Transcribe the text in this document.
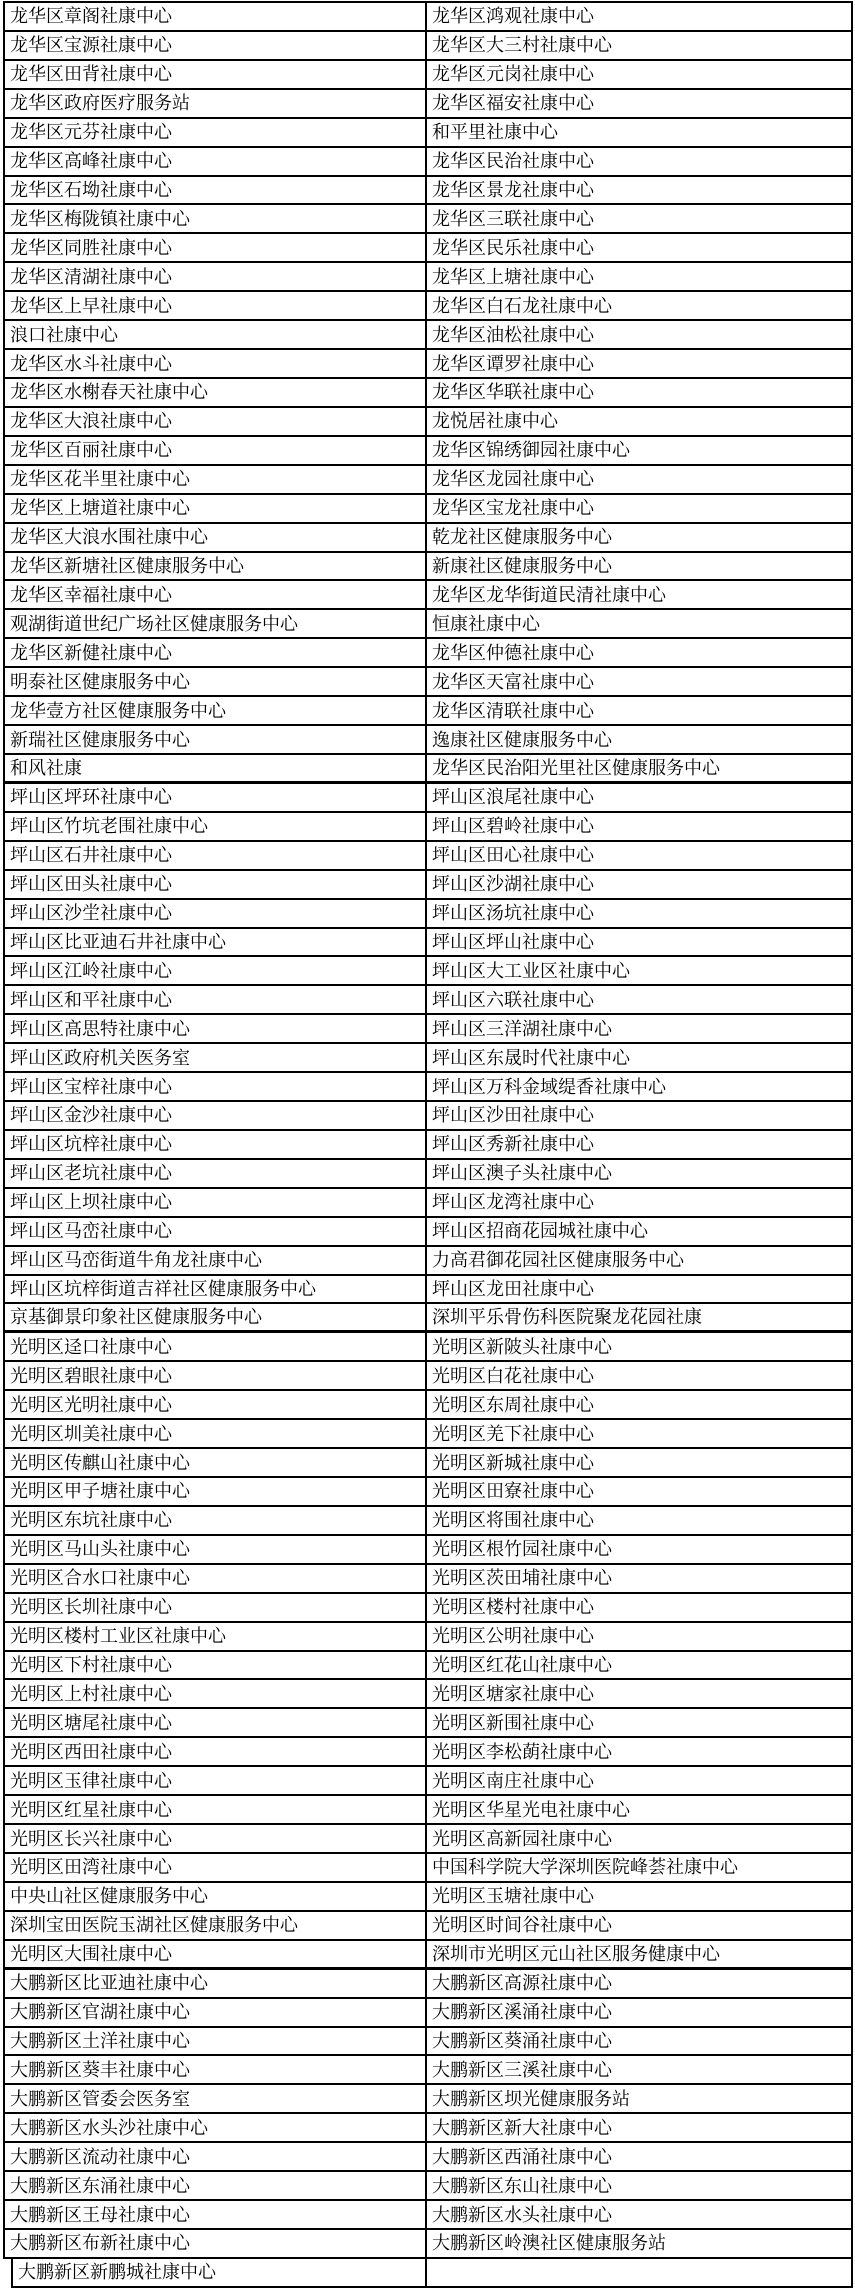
龙华区章阁社康中心	龙华区鸿观社康中心
龙华区宝源社康中心	龙华区大三村社康中心
龙华区田背社康中心	龙华区元岗社康中心
龙华区政府医疗服务站	龙华区福安社康中心
龙华区元芬社康中心	和平里社康中心
龙华区高峰社康中心	龙华区民治社康中心
龙华区石坳社康中心	龙华区景龙社康中心
龙华区梅陇镇社康中心	龙华区三联社康中心
龙华区同胜社康中心	龙华区民乐社康中心
龙华区清湖社康中心	龙华区上塘社康中心
龙华区上早社康中心	龙华区白石龙社康中心
浪口社康中心	龙华区油松社康中心
龙华区水斗社康中心	龙华区谭罗社康中心
龙华区水榭春天社康中心	龙华区华联社康中心
龙华区大浪社康中心	龙悦居社康中心
龙华区百丽社康中心	龙华区锦绣御园社康中心
龙华区花半里社康中心	龙华区龙园社康中心
龙华区上塘道社康中心	龙华区宝龙社康中心
龙华区大浪水围社康中心	乾龙社区健康服务中心
龙华区新塘社区健康服务中心	新康社区健康服务中心
龙华区幸福社康中心	龙华区龙华街道民清社康中心
观湖街道世纪广场社区健康服务中心	恒康社康中心
龙华区新健社康中心	龙华区仲德社康中心
明泰社区健康服务中心	龙华区天富社康中心
龙华壹方社区健康服务中心	龙华区清联社康中心
新瑞社区健康服务中心	逸康社区健康服务中心
和风社康	龙华区民治阳光里社区健康服务中心
坪山区坪环社康中心	坪山区浪尾社康中心
坪山区竹坑老围社康中心	坪山区碧岭社康中心
坪山区石井社康中心	坪山区田心社康中心
坪山区田头社康中心	坪山区沙湖社康中心
坪山区沙坣社康中心	坪山区汤坑社康中心
坪山区比亚迪石井社康中心	坪山区坪山社康中心
坪山区江岭社康中心	坪山区大工业区社康中心
坪山区和平社康中心	坪山区六联社康中心
坪山区高思特社康中心	坪山区三洋湖社康中心
坪山区政府机关医务室	坪山区东晟时代社康中心
坪山区宝梓社康中心	坪山区万科金域缇香社康中心
坪山区金沙社康中心	坪山区沙田社康中心
坪山区坑梓社康中心	坪山区秀新社康中心
坪山区老坑社康中心	坪山区澳子头社康中心
坪山区上坝社康中心	坪山区龙湾社康中心
坪山区马峦社康中心	坪山区招商花园城社康中心
坪山区马峦街道牛角龙社康中心	力高君御花园社区健康服务中心
坪山区坑梓街道吉祥社区健康服务中心	坪山区龙田社康中心
京基御景印象社区健康服务中心	深圳平乐骨伤科医院聚龙花园社康
光明区迳口社康中心	光明区新陂头社康中心
光明区碧眼社康中心	光明区白花社康中心
光明区光明社康中心	光明区东周社康中心
光明区圳美社康中心	光明区羌下社康中心
光明区传麒山社康中心	光明区新城社康中心
光明区甲子塘社康中心	光明区田寮社康中心
光明区东坑社康中心	光明区将围社康中心
光明区马山头社康中心	光明区根竹园社康中心
光明区合水口社康中心	光明区茨田埔社康中心
光明区长圳社康中心	光明区楼村社康中心
光明区楼村工业区社康中心	光明区公明社康中心
光明区下村社康中心	光明区红花山社康中心
光明区上村社康中心	光明区塘家社康中心
光明区塘尾社康中心	光明区新围社康中心
光明区西田社康中心	光明区李松蓢社康中心
光明区玉律社康中心	光明区南庄社康中心
光明区红星社康中心	光明区华星光电社康中心
光明区长兴社康中心	光明区高新园社康中心
光明区田湾社康中心	中国科学院大学深圳医院峰荟社康中心
中央山社区健康服务中心	光明区玉塘社康中心
深圳宝田医院玉湖社区健康服务中心	光明区时间谷社康中心
光明区大围社康中心	深圳市光明区元山社区服务健康中心
大鹏新区比亚迪社康中心	大鹏新区高源社康中心
大鹏新区官湖社康中心	大鹏新区溪涌社康中心
大鹏新区土洋社康中心	大鹏新区葵涌社康中心
大鹏新区葵丰社康中心	大鹏新区三溪社康中心
大鹏新区管委会医务室	大鹏新区坝光健康服务站
大鹏新区水头沙社康中心	大鹏新区新大社康中心
大鹏新区流动社康中心	大鹏新区西涌社康中心
大鹏新区东涌社康中心	大鹏新区东山社康中心
大鹏新区王母社康中心	大鹏新区水头社康中心
大鹏新区布新社康中心	大鹏新区岭澳社区健康服务站
大鹏新区新鹏城社康中心
